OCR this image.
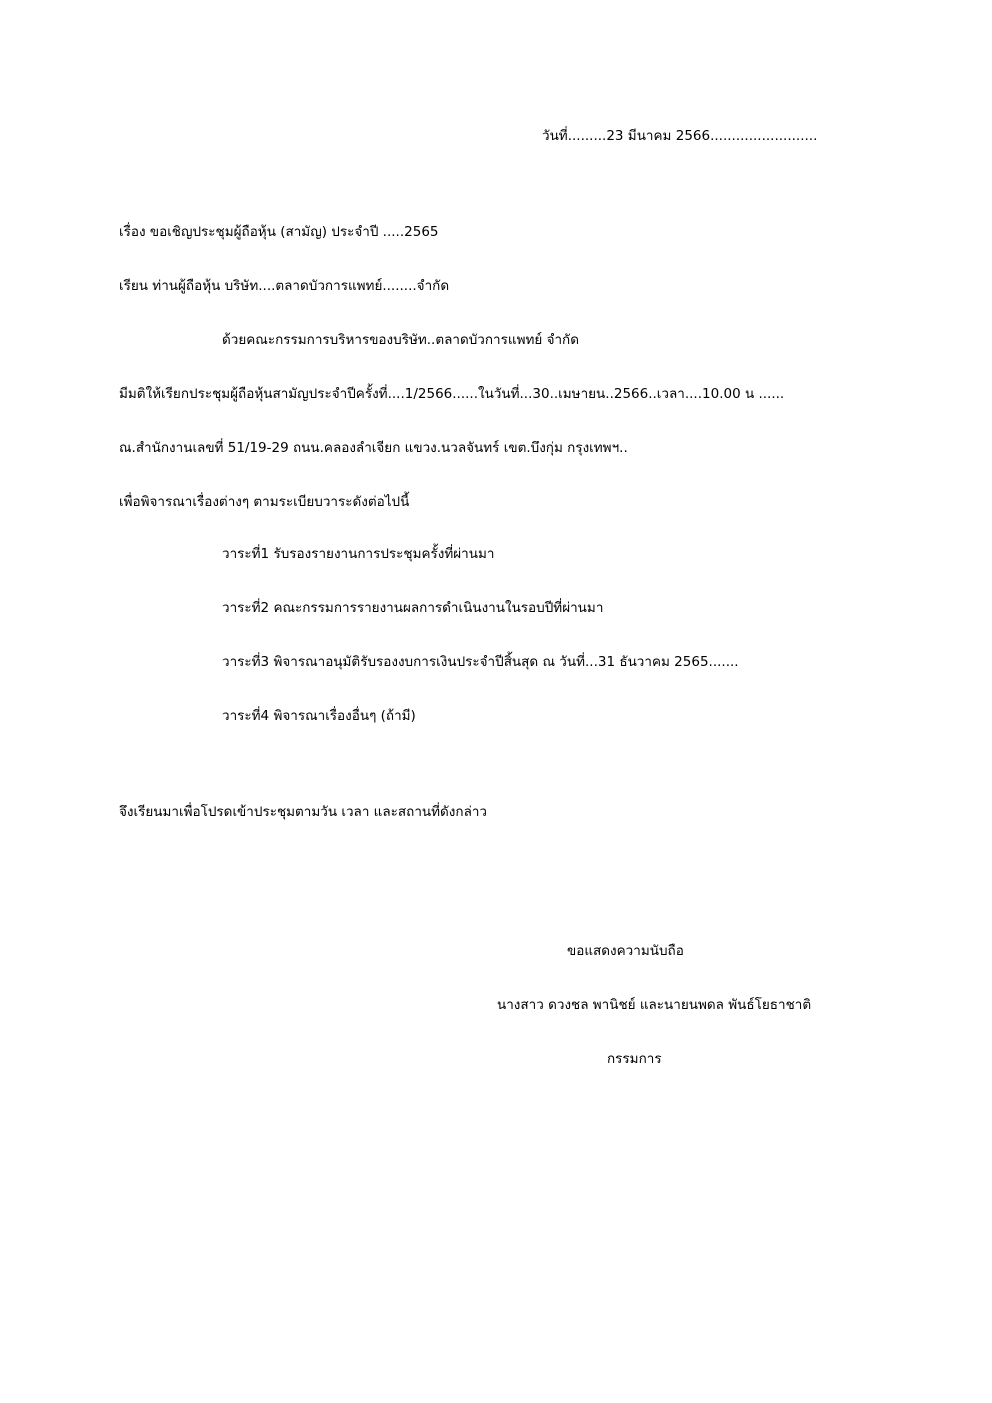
วันที่.........23 มีนาคม 2566.........................
เรื่อง ขอเชิญประชุมผู้ถือหุ้น (สามัญ) ประจำปี .....2565
เรียน ท่านผู้ถือหุ้น บริษัท....ตลาดบัวการแพทย์........จำกัด
ด้วยคณะกรรมการบริหารของบริษัท..ตลาดบัวการแพทย์ จำกัด
มีมติให้เรียกประชุมผู้ถือหุ้นสามัญประจำปีครั้งที่....1/2566......ในวันที่...30..เมษายน..2566..เวลา....10.00 น ......
ณ.สำนักงานเลขที่ 51/19-29 ถนน.คลองลำเจียก แขวง.นวลจันทร์ เขต.บึงกุ่ม กรุงเทพฯ..
เพื่อพิจารณาเรื่องต่างๆ ตามระเบียบวาระดังต่อไปนี้
วาระที่1 รับรองรายงานการประชุมครั้งที่ผ่านมา
วาระที่2 คณะกรรมการรายงานผลการดำเนินงานในรอบปีที่ผ่านมา
วาระที่3 พิจารณาอนุมัติรับรองงบการเงินประจำปีสิ้นสุด ณ วันที่...31 ธันวาคม 2565.......
วาระที่4 พิจารณาเรื่องอื่นๆ (ถ้ามี)
จึงเรียนมาเพื่อโปรดเข้าประชุมตามวัน เวลา และสถานที่ดังกล่าว
ขอแสดงความนับถือ
นางสาว ดวงชล พานิชย์ และนายนพดล พันธ์โยธาชาติ
กรรมการ
